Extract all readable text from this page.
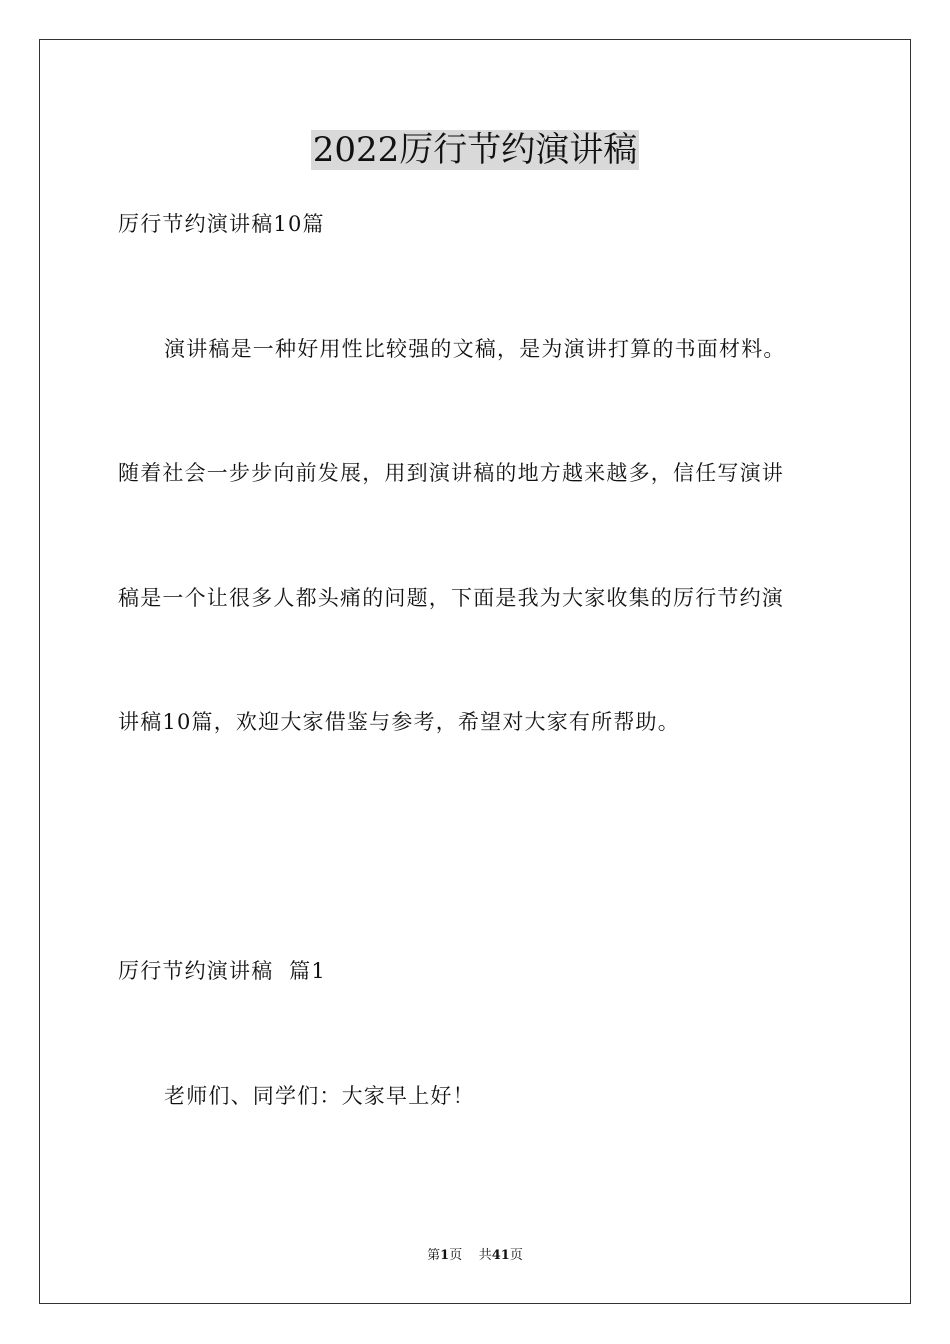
2022厉行节约演讲稿
厉行节约演讲稿10篇
演讲稿是一种好用性比较强的文稿，是为演讲打算的书面材料。
随着社会一步步向前发展，用到演讲稿的地方越来越多，信任写演讲
稿是一个让很多人都头痛的问题，下面是我为大家收集的厉行节约演
讲稿10篇，欢迎大家借鉴与参考，希望对大家有所帮助。
厉行节约演讲稿  篇1
老师们、同学们：大家早上好！
第1页 共41页
